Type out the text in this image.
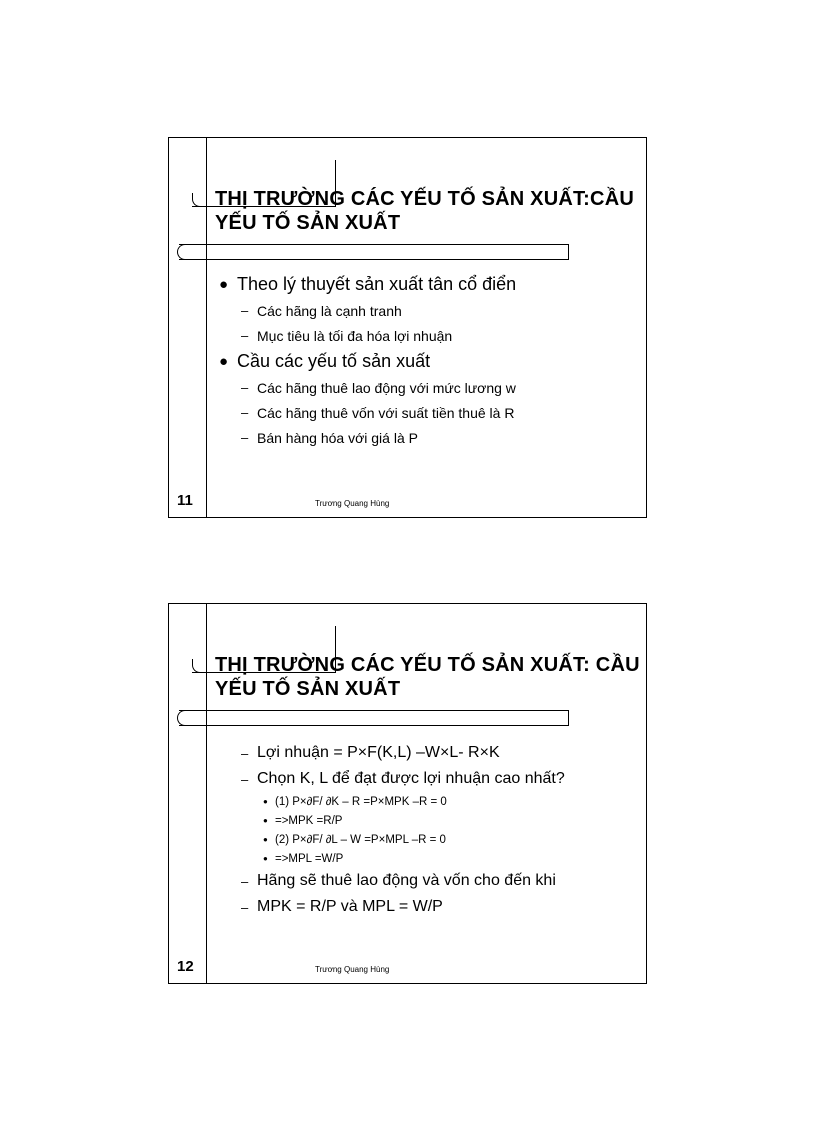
THỊ TRƯỜNG CÁC YẾU TỐ SẢN XUẤT:CẦU YẾU TỐ SẢN XUẤT
● Theo lý thuyết sản xuất tân cổ điển
– Các hãng là cạnh tranh
– Mục tiêu là tối đa hóa lợi nhuận
● Cầu các yếu tố sản xuất
– Các hãng thuê lao động với mức lương w
– Các hãng thuê vốn với suất tiền thuê là R
– Bán hàng hóa với giá là P
11	Trương Quang Hùng
THỊ TRƯỜNG CÁC YẾU TỐ SẢN XUẤT: CẦU YẾU TỐ SẢN XUẤT
– Lợi nhuận = P×F(K,L) –W×L- R×K
– Chọn K, L để đạt được lợi nhuận cao nhất?
● (1) P×∂F/ ∂K – R =P×MPK –R = 0
● =>MPK =R/P
● (2) P×∂F/ ∂L – W =P×MPL –R = 0
● =>MPL =W/P
– Hãng sẽ thuê lao động và vốn cho đến khi
– MPK = R/P và MPL = W/P
12	Trương Quang Hùng
